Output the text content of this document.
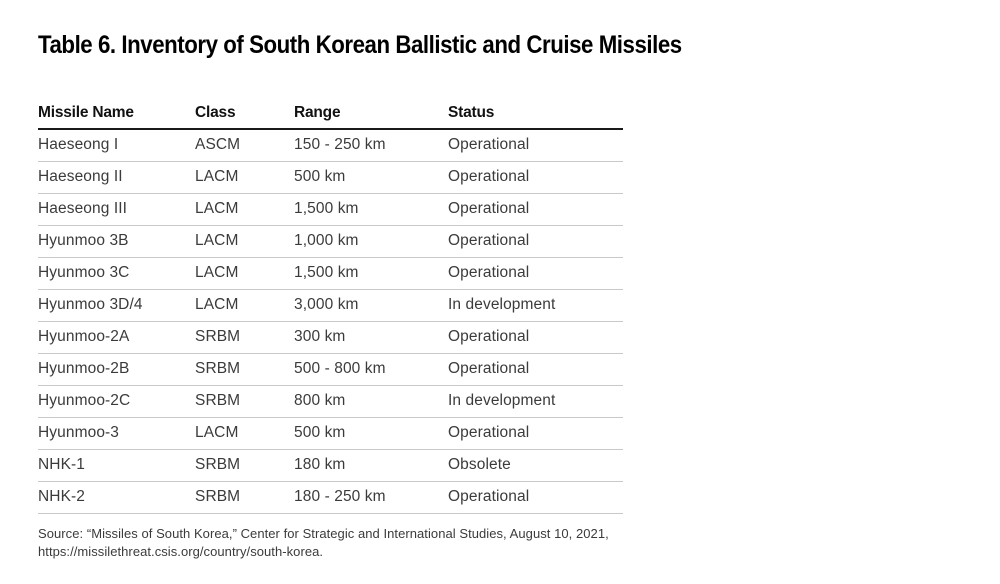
Table 6. Inventory of South Korean Ballistic and Cruise Missiles
Missile Name	Class	Range	Status
Haeseong I	ASCM	150 - 250 km	Operational
Haeseong II	LACM	500 km	Operational
Haeseong III	LACM	1,500 km	Operational
Hyunmoo 3B	LACM	1,000 km	Operational
Hyunmoo 3C	LACM	1,500 km	Operational
Hyunmoo 3D/4	LACM	3,000 km	In development
Hyunmoo-2A	SRBM	300 km	Operational
Hyunmoo-2B	SRBM	500 - 800 km	Operational
Hyunmoo-2C	SRBM	800 km	In development
Hyunmoo-3	LACM	500 km	Operational
NHK-1	SRBM	180 km	Obsolete
NHK-2	SRBM	180 - 250 km	Operational

Source: “Missiles of South Korea,” Center for Strategic and International Studies, August 10, 2021,
https://missilethreat.csis.org/country/south-korea.
